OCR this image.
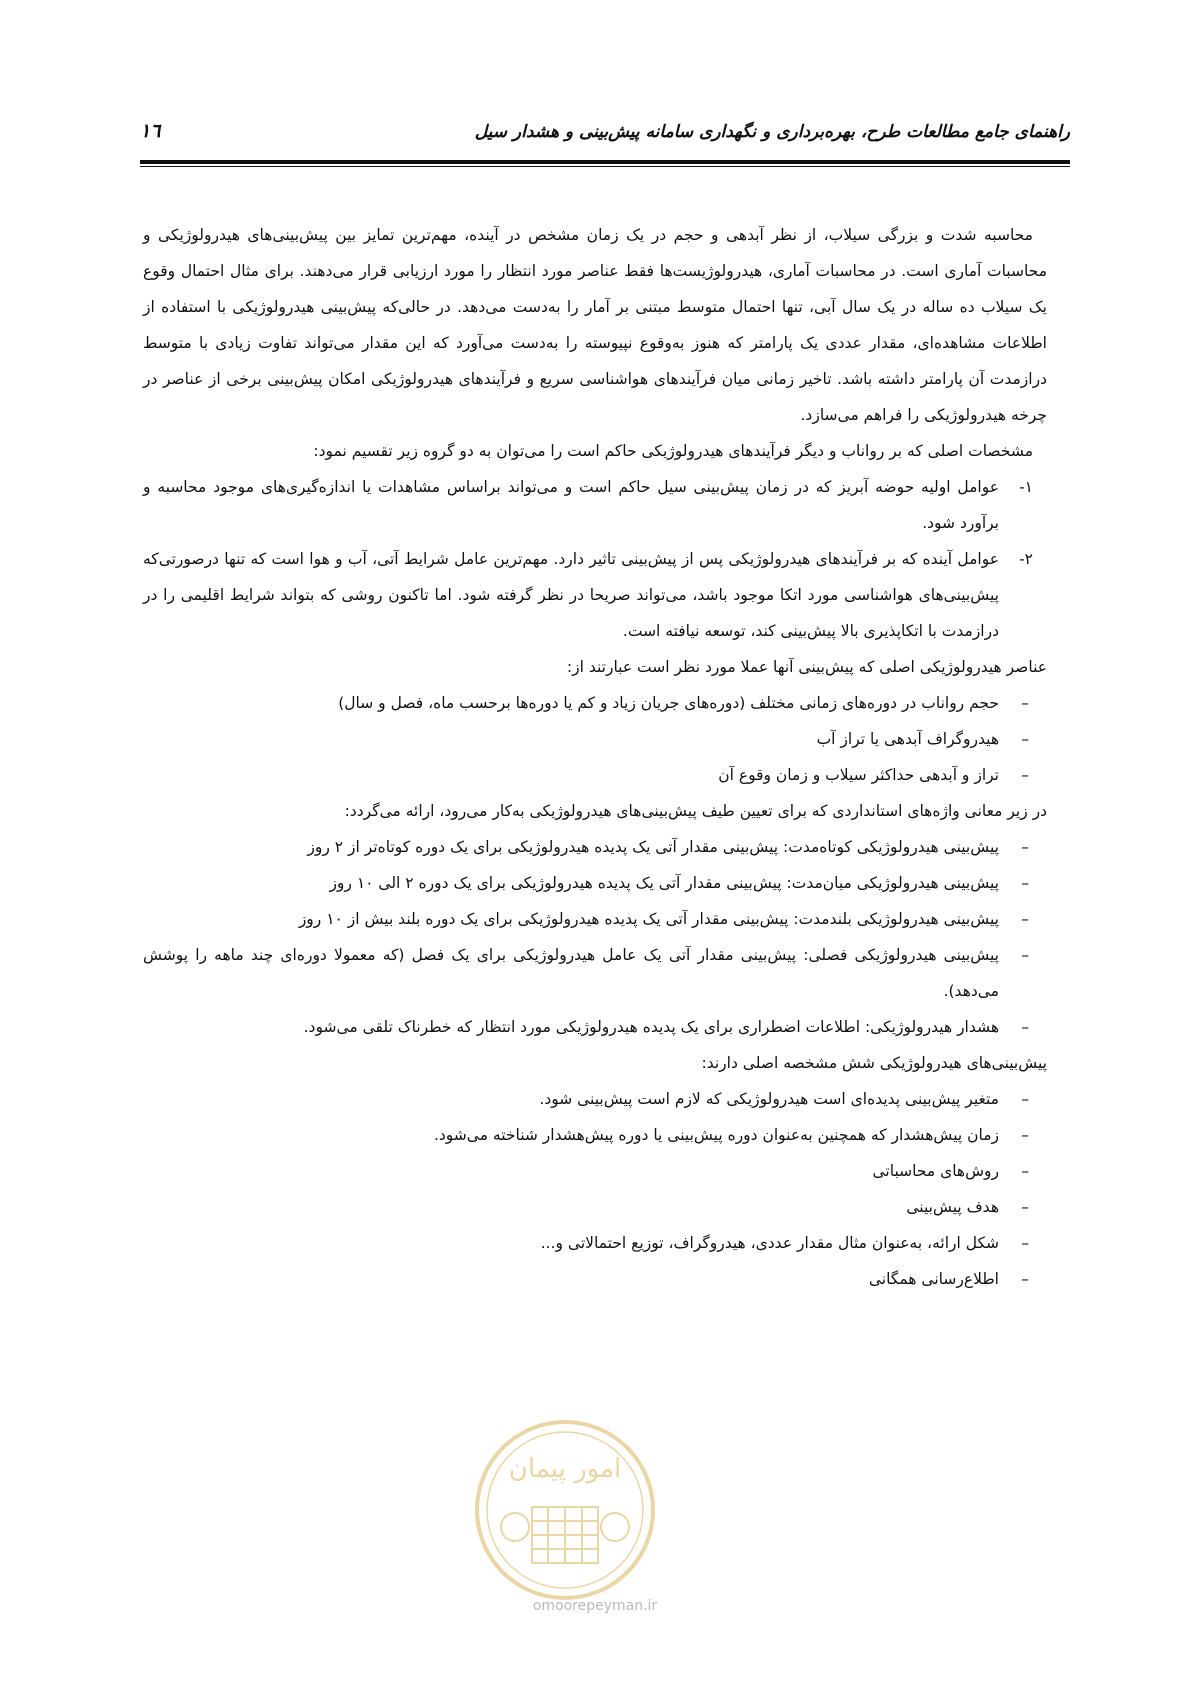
راهنمای جامع مطالعات طرح، بهره‌برداری و نگهداری سامانه پیش‌بینی و هشدار سیل
١٦

محاسبه شدت و بزرگی سیلاب، از نظر آبدهی و حجم در یک زمان مشخص در آینده، مهم‌ترین تمایز بین پیش‌بینی‌های هیدرولوژیکی و محاسبات آماری است. در محاسبات آماری، هیدرولوژیست‌ها فقط عناصر مورد انتظار را مورد ارزیابی قرار می‌دهند. برای مثال احتمال وقوع یک سیلاب ده ساله در یک سال آبی، تنها احتمال متوسط مبتنی بر آمار را به‌دست می‌دهد. در حالی‌که پیش‌بینی هیدرولوژیکی با استفاده از اطلاعات مشاهده‌ای، مقدار عددی یک پارامتر که هنوز به‌وقوع نپیوسته را به‌دست می‌آورد که این مقدار می‌تواند تفاوت زیادی با متوسط درازمدت آن پارامتر داشته باشد. تاخیر زمانی میان فرآیندهای هواشناسی سریع و فرآیندهای هیدرولوژیکی امکان پیش‌بینی برخی از عناصر در چرخه هیدرولوژیکی را فراهم می‌سازد.

مشخصات اصلی که بر رواناب و دیگر فرآیندهای هیدرولوژیکی حاکم است را می‌توان به دو گروه زیر تقسیم نمود:

١-
عوامل اولیه حوضه آبریز که در زمان پیش‌بینی سیل حاکم است و می‌تواند براساس مشاهدات یا اندازه‌گیری‌های موجود محاسبه و برآورد شود.
٢-
عوامل آینده که بر فرآیندهای هیدرولوژیکی پس از پیش‌بینی تاثیر دارد. مهم‌ترین عامل شرایط آتی، آب و هوا است که تنها درصورتی‌که پیش‌بینی‌های هواشناسی مورد اتکا موجود باشد، می‌تواند صریحا در نظر گرفته شود. اما تاکنون روشی که بتواند شرایط اقلیمی را در درازمدت با اتکاپذیری بالا پیش‌بینی کند، توسعه نیافته است.

عناصر هیدرولوژیکی اصلی که پیش‌بینی آنها عملا مورد نظر است عبارتند از:

–
حجم رواناب در دوره‌های زمانی مختلف (دوره‌های جریان زیاد و کم یا دوره‌ها برحسب ماه، فصل و سال)
–
هیدروگراف آبدهی یا تراز آب
–
تراز و آبدهی حداکثر سیلاب و زمان وقوع آن

در زیر معانی واژه‌های استانداردی که برای تعیین طیف پیش‌بینی‌های هیدرولوژیکی به‌کار می‌رود، ارائه می‌گردد:

–
پیش‌بینی هیدرولوژیکی کوتاه‌مدت: پیش‌بینی مقدار آتی یک پدیده هیدرولوژیکی برای یک دوره کوتاه‌تر از ٢ روز
–
پیش‌بینی هیدرولوژیکی میان‌مدت: پیش‌بینی مقدار آتی یک پدیده هیدرولوژیکی برای یک دوره ٢ الی ١٠ روز
–
پیش‌بینی هیدرولوژیکی بلندمدت: پیش‌بینی مقدار آتی یک پدیده هیدرولوژیکی برای یک دوره بلند بیش از ١٠ روز
–
پیش‌بینی هیدرولوژیکی فصلی: پیش‌بینی مقدار آتی یک عامل هیدرولوژیکی برای یک فصل (که معمولا دوره‌ای چند ماهه را پوشش می‌دهد).
–
هشدار هیدرولوژیکی: اطلاعات اضطراری برای یک پدیده هیدرولوژیکی مورد انتظار که خطرناک تلقی می‌شود.

پیش‌بینی‌های هیدرولوژیکی شش مشخصه اصلی دارند:

–
متغیر پیش‌بینی پدیده‌ای است هیدرولوژیکی که لازم است پیش‌بینی شود.
–
زمان پیش‌هشدار که همچنین به‌عنوان دوره پیش‌بینی یا دوره پیش‌هشدار شناخته می‌شود.
–
روش‌های محاسباتی
–
هدف پیش‌بینی
–
شکل ارائه، به‌عنوان مثال مقدار عددی، هیدروگراف، توزیع احتمالاتی و...
–
اطلاع‌رسانی همگانی
امور پیمان
omoorepeyman.ir
